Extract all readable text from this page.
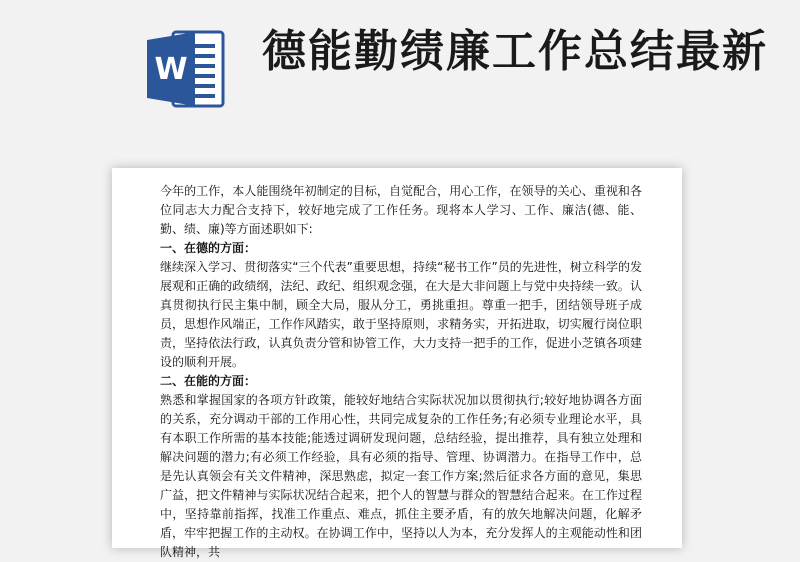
W 德能勤绩廉工作总结最新

今年的工作，本人能围绕年初制定的目标，自觉配合，用心工作，在领导的关心、重视和各位同志大力配合支持下，较好地完成了工作任务。现将本人学习、工作、廉洁(德、能、勤、绩、廉)等方面述职如下:

一、在德的方面：

继续深入学习、贯彻落实“三个代表”重要思想，持续“秘书工作”员的先进性，树立科学的发展观和正确的政绩纲，法纪、政纪、组织观念强，在大是大非问题上与党中央持续一致。认真贯彻执行民主集中制，顾全大局，服从分工，勇挑重担。尊重一把手，团结领导班子成员，思想作风端正，工作作风踏实，敢于坚持原则，求精务实，开拓进取，切实履行岗位职责，坚持依法行政，认真负责分管和协管工作，大力支持一把手的工作，促进小芝镇各项建设的顺利开展。

二、在能的方面：

熟悉和掌握国家的各项方针政策，能较好地结合实际状况加以贯彻执行;较好地协调各方面的关系，充分调动干部的工作用心性，共同完成复杂的工作任务;有必须专业理论水平，具有本职工作所需的基本技能;能透过调研发现问题，总结经验，提出推荐，具有独立处理和解决问题的潜力;有必须工作经验，具有必须的指导、管理、协调潜力。在指导工作中，总是先认真领会有关文件精神，深思熟虑，拟定一套工作方案;然后征求各方面的意见，集思广益，把文件精神与实际状况结合起来，把个人的智慧与群众的智慧结合起来。在工作过程中，坚持靠前指挥，找准工作重点、难点，抓住主要矛盾，有的放矢地解决问题，化解矛盾，牢牢把握工作的主动权。在协调工作中，坚持以人为本，充分发挥人的主观能动性和团队精神，共
